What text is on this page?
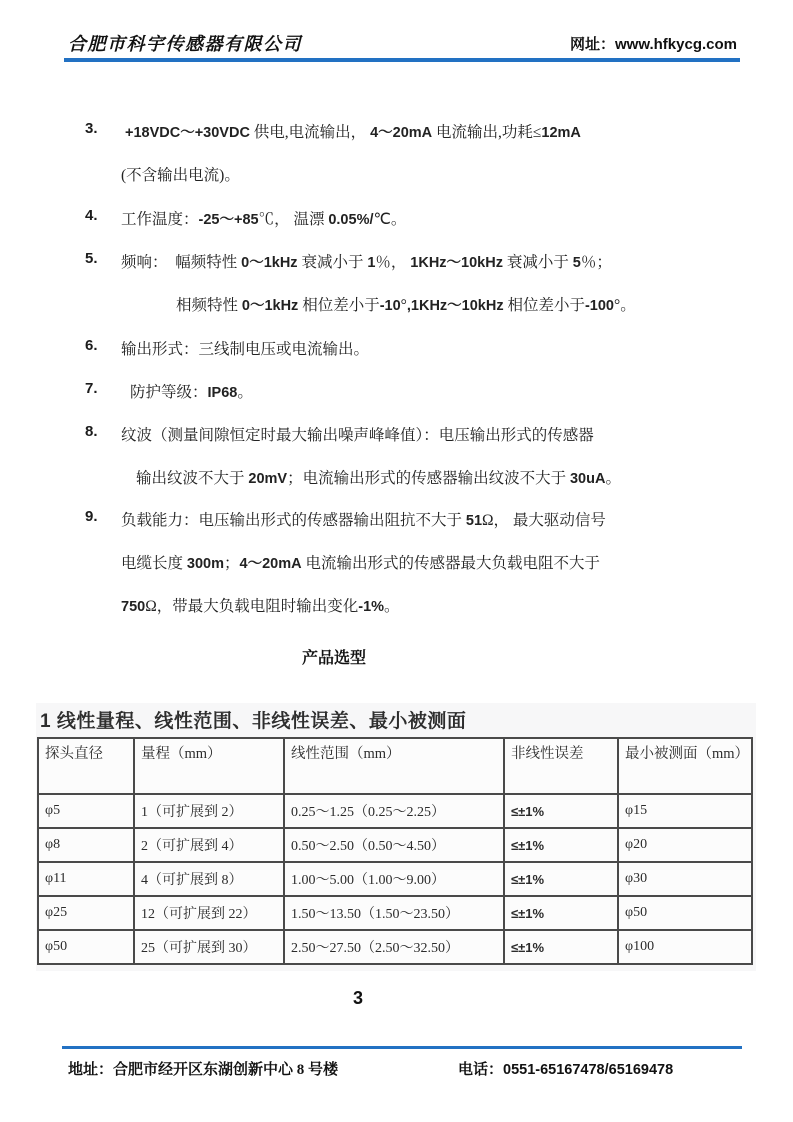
合肥市科宇传感器有限公司	网址：www.hfkycg.com
3.
4.
5.
6.
7.
8.
9.
+18VDC～+30VDC 供电,电流输出， 4～20mA 电流输出,功耗≤12mA
(不含输出电流)。
工作温度：-25～+85℃， 温漂 0.05%/℃。
频响：  幅频特性 0～1kHz 衰减小于 1％， 1KHz～10kHz 衰减小于 5％；
相频特性 0～1kHz 相位差小于-10°,1KHz～10kHz 相位差小于-100°。
输出形式：三线制电压或电流输出。
防护等级：IP68。
纹波（测量间隙恒定时最大输出噪声峰峰值）：电压输出形式的传感器
输出纹波不大于 20mV；电流输出形式的传感器输出纹波不大于 30uA。
负载能力：电压输出形式的传感器输出阻抗不大于 51Ω， 最大驱动信号
电缆长度 300m；4～20mA 电流输出形式的传感器最大负载电阻不大于
750Ω，带最大负载电阻时输出变化-1%。
产品选型
1 线性量程、线性范围、非线性误差、最小被测面
探头直径	量程（mm）	线性范围（mm）	非线性误差	最小被测面（mm）
φ5	1（可扩展到 2）	0.25～1.25（0.25～2.25）	≤±1%	φ15
φ8	2（可扩展到 4）	0.50～2.50（0.50～4.50）	≤±1%	φ20
φ11	4（可扩展到 8）	1.00～5.00（1.00～9.00）	≤±1%	φ30
φ25	12（可扩展到 22）	1.50～13.50（1.50～23.50）	≤±1%	φ50
φ50	25（可扩展到 30）	2.50～27.50（2.50～32.50）	≤±1%	φ100
3
地址：合肥市经开区东湖创新中心 8 号楼	电话：0551-65167478/65169478
